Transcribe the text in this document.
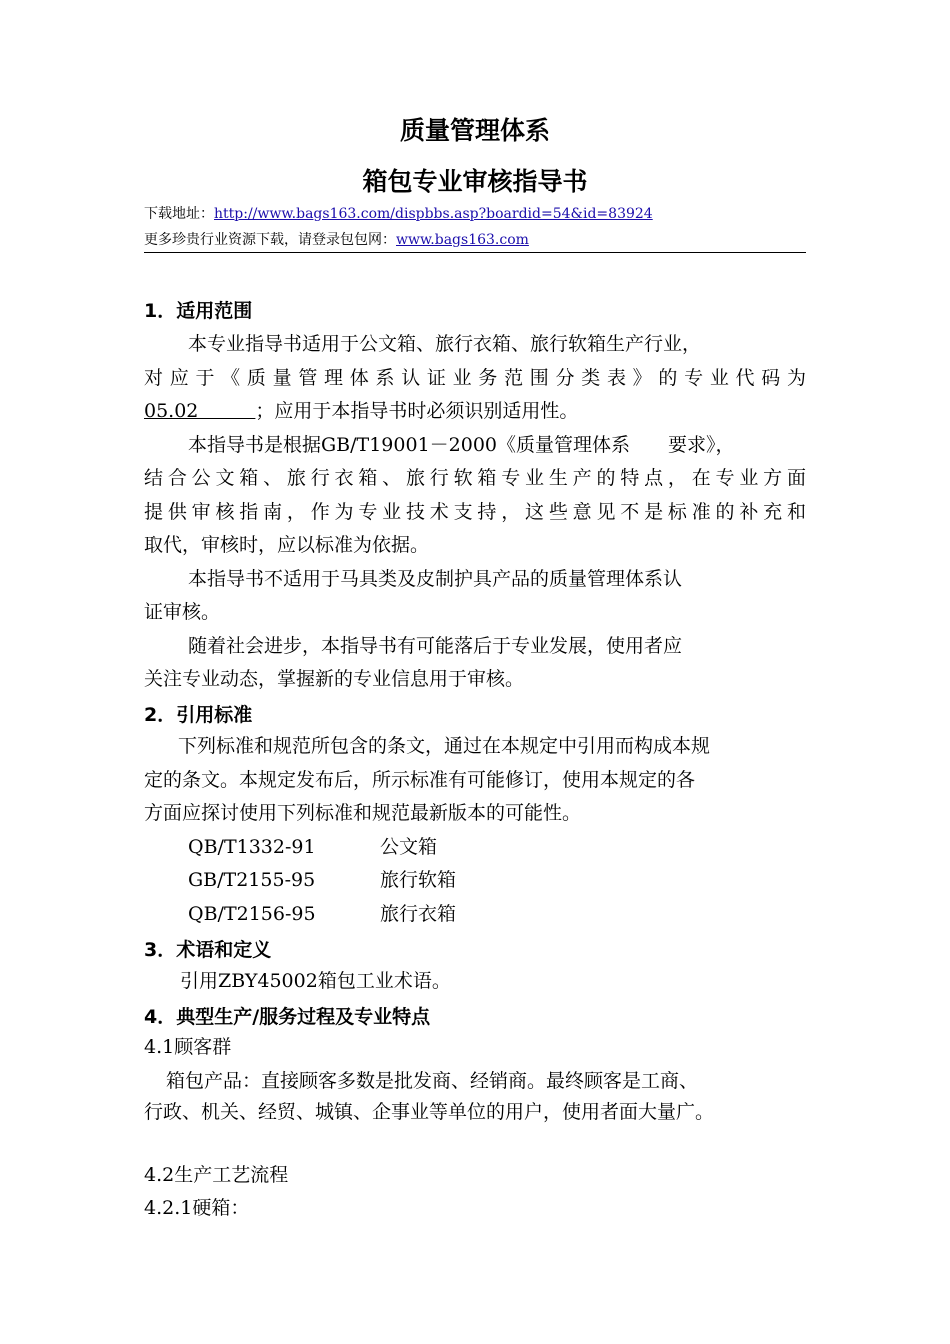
质量管理体系
箱包专业审核指导书
下载地址：http://www.bags163.com/dispbbs.asp?boardid=54&id=83924
更多珍贵行业资源下载，请登录包包网：www.bags163.com
1．适用范围
本专业指导书适用于公文箱、旅行衣箱、旅行软箱生产行业，
对应于《质量管理体系认证业务范围分类表》的专业代码为
05.02　　　；应用于本指导书时必须识别适用性。
本指导书是根据GB/T19001－2000《质量管理体系　　要求》，
结合公文箱、旅行衣箱、旅行软箱专业生产的特点，在专业方面
提供审核指南，作为专业技术支持，这些意见不是标准的补充和
取代，审核时，应以标准为依据。
本指导书不适用于马具类及皮制护具产品的质量管理体系认
证审核。
随着社会进步，本指导书有可能落后于专业发展，使用者应
关注专业动态，掌握新的专业信息用于审核。
2．引用标准
下列标准和规范所包含的条文，通过在本规定中引用而构成本规
定的条文。本规定发布后，所示标准有可能修订，使用本规定的各
方面应探讨使用下列标准和规范最新版本的可能性。
QB/T1332-91	公文箱
GB/T2155-95	旅行软箱
QB/T2156-95	旅行衣箱
3．术语和定义
引用ZBY45002箱包工业术语。
4．典型生产/服务过程及专业特点
4.1顾客群
箱包产品：直接顾客多数是批发商、经销商。最终顾客是工商、
行政、机关、经贸、城镇、企事业等单位的用户，使用者面大量广。
4.2生产工艺流程
4.2.1硬箱：
